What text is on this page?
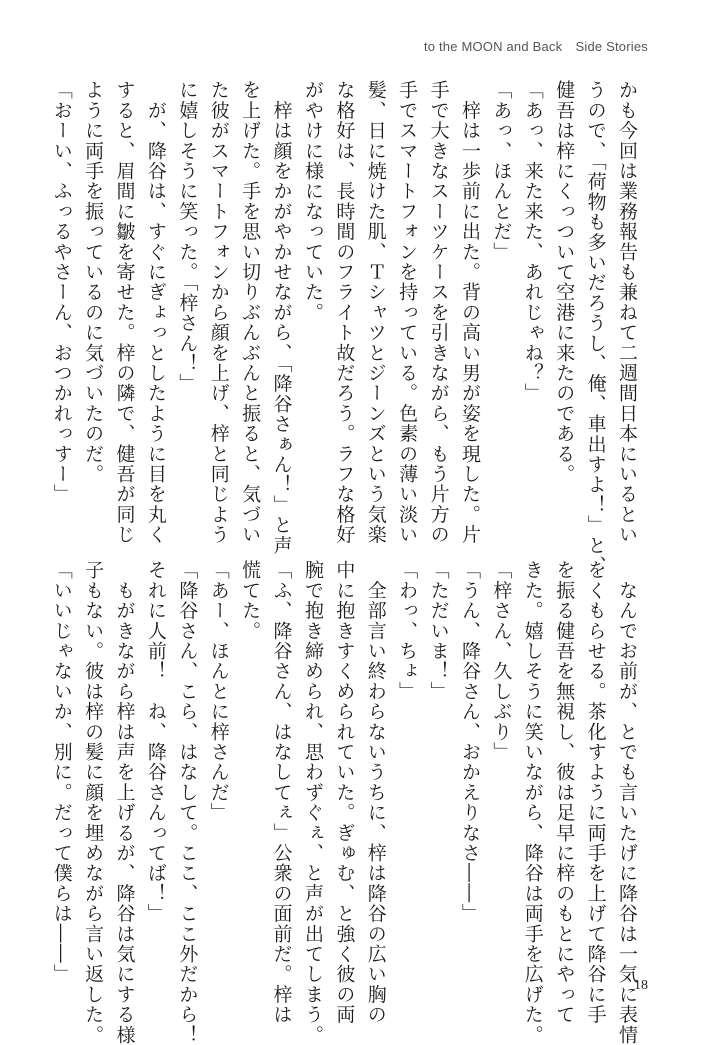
to the MOON and Back　Side Stories
かも今回は業務報告も兼ねて二週間日本にいるとい
うので、「荷物も多いだろうし、俺、車出すよ！」と、
健吾は梓にくっついて空港に来たのである。
「あっ、来た来た、あれじゃね？」
「あっ、ほんとだ」
　梓は一歩前に出た。背の高い男が姿を現した。片
手で大きなスーツケースを引きながら、もう片方の
手でスマートフォンを持っている。色素の薄い淡い
髪、日に焼けた肌、Ｔシャツとジーンズという気楽
な格好は、長時間のフライト故だろう。ラフな格好
がやけに様になっていた。
　梓は顔をかがやかせながら、「降谷さぁん！」と声
を上げた。手を思い切りぶんぶんと振ると、気づい
た彼がスマートフォンから顔を上げ、梓と同じよう
に嬉しそうに笑った。「梓さん！」
　が、降谷は、すぐにぎょっとしたように目を丸く
すると、眉間に皺を寄せた。梓の隣で、健吾が同じ
ように両手を振っているのに気づいたのだ。
「おーい、ふっるやさーん、おつかれっすー」
　なんでお前が、とでも言いたげに降谷は一気に表情
をくもらせる。茶化すように両手を上げて降谷に手
を振る健吾を無視し、彼は足早に梓のもとにやって
きた。嬉しそうに笑いながら、降谷は両手を広げた。
「梓さん、久しぶり」
「うん、降谷さん、おかえりなさ――」
「ただいま！」
「わっ、ちょ」
　全部言い終わらないうちに、梓は降谷の広い胸の
中に抱きすくめられていた。ぎゅむ、と強く彼の両
腕で抱き締められ、思わずぐぇ、と声が出てしまう。
「ふ、降谷さん、はなしてぇ」公衆の面前だ。梓は
慌てた。
「あー、ほんとに梓さんだ」
「降谷さん、こら、はなして。ここ、ここ外だから！
それに人前！　ね、降谷さんってば！」
　もがきながら梓は声を上げるが、降谷は気にする様
子もない。彼は梓の髪に顔を埋めながら言い返した。
「いいじゃないか、別に。だって僕らは――」
18
